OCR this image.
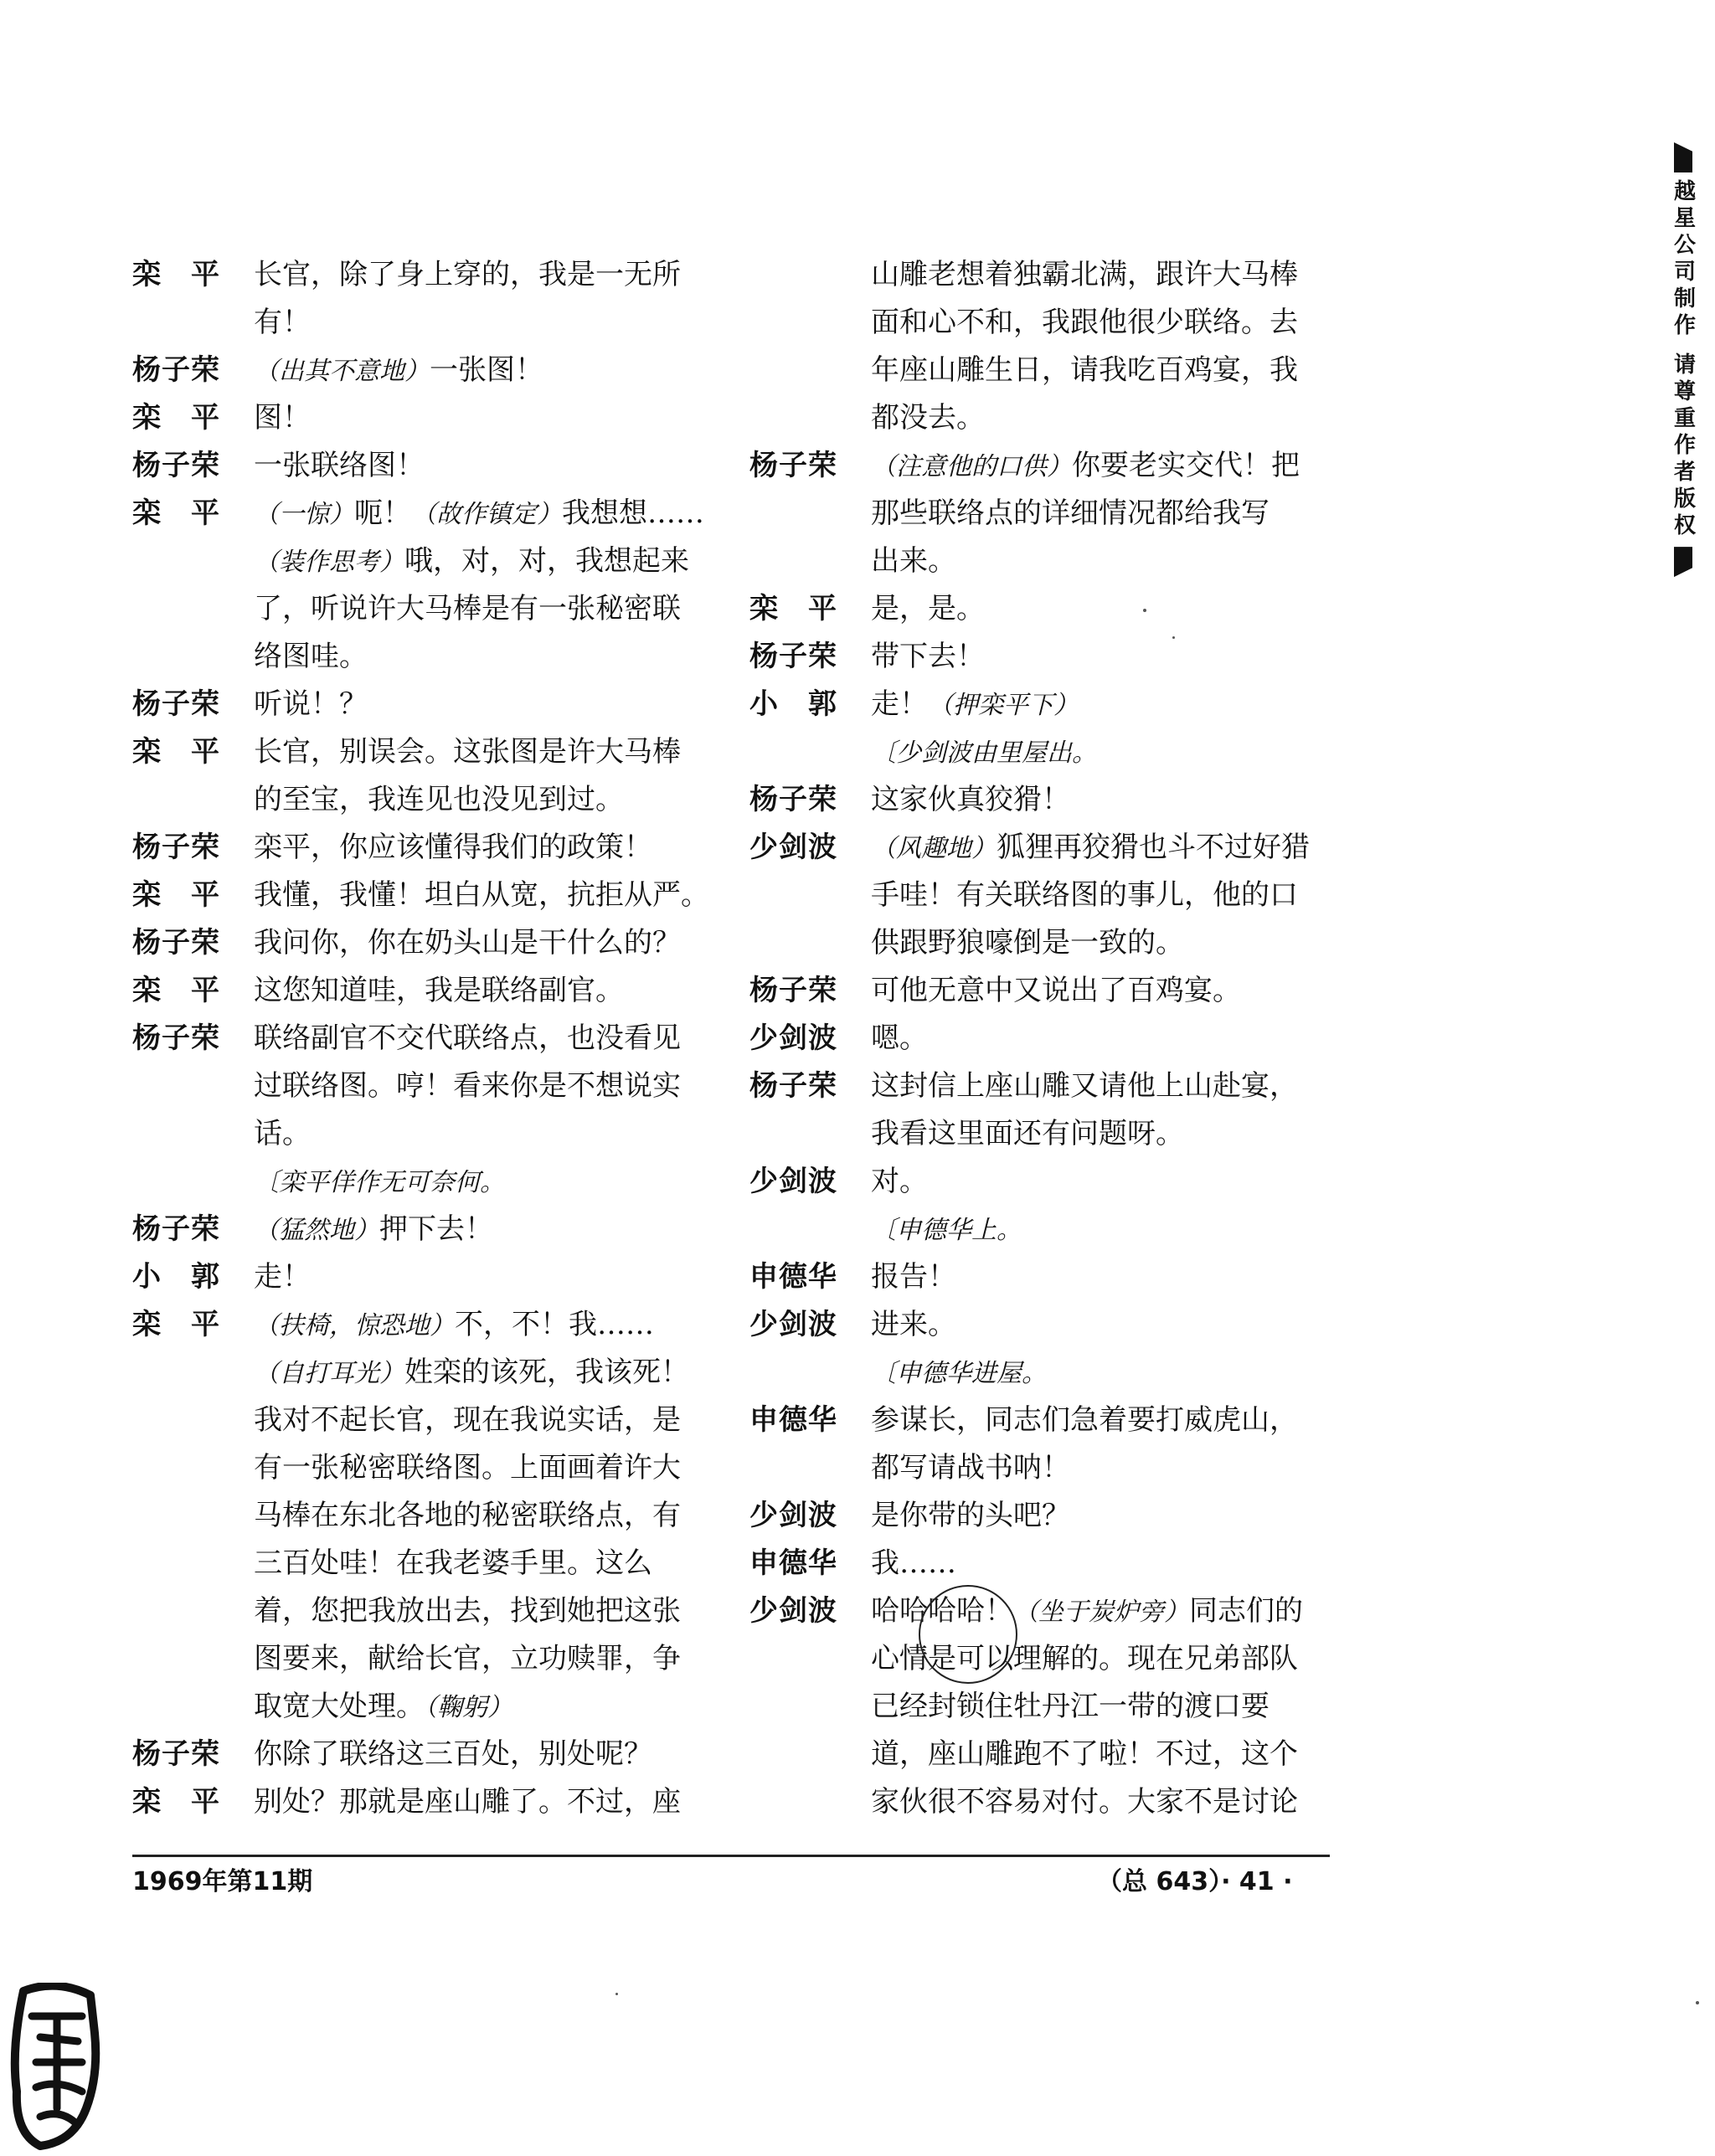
越星公司制作 请尊重作者版权
栾　平	长官，除了身上穿的，我是一无所
有！
杨子荣	（出其不意地）一张图！
栾　平	图！
杨子荣	一张联络图！
栾　平	（一惊）呃！（故作镇定）我想想……
（装作思考）哦，对，对，我想起来
了，听说许大马棒是有一张秘密联
络图哇。
杨子荣	听说！？
栾　平	长官，别误会。这张图是许大马棒
的至宝，我连见也没见到过。
杨子荣	栾平，你应该懂得我们的政策！
栾　平	我懂，我懂！坦白从宽，抗拒从严。
杨子荣	我问你，你在奶头山是干什么的？
栾　平	这您知道哇，我是联络副官。
杨子荣	联络副官不交代联络点，也没看见
过联络图。哼！看来你是不想说实
话。
〔栾平佯作无可奈何。
杨子荣	（猛然地）押下去！
小　郭	走！
栾　平	（扶椅，惊恐地）不，不！我……
（自打耳光）姓栾的该死，我该死！
我对不起长官，现在我说实话，是
有一张秘密联络图。上面画着许大
马棒在东北各地的秘密联络点，有
三百处哇！在我老婆手里。这么
着，您把我放出去，找到她把这张
图要来，献给长官，立功赎罪，争
取宽大处理。（鞠躬）
杨子荣	你除了联络这三百处，别处呢？
栾　平	别处？那就是座山雕了。不过，座
山雕老想着独霸北满，跟许大马棒
面和心不和，我跟他很少联络。去
年座山雕生日，请我吃百鸡宴，我
都没去。
杨子荣	（注意他的口供）你要老实交代！把
那些联络点的详细情况都给我写
出来。
栾　平	是，是。
杨子荣	带下去！
小　郭	走！（押栾平下）
〔少剑波由里屋出。
杨子荣	这家伙真狡猾！
少剑波	（风趣地）狐狸再狡猾也斗不过好猎
手哇！有关联络图的事儿，他的口
供跟野狼嚎倒是一致的。
杨子荣	可他无意中又说出了百鸡宴。
少剑波	嗯。
杨子荣	这封信上座山雕又请他上山赴宴，
我看这里面还有问题呀。
少剑波	对。
〔申德华上。
申德华	报告！
少剑波	进来。
〔申德华进屋。
申德华	参谋长，同志们急着要打威虎山，
都写请战书呐！
少剑波	是你带的头吧？
申德华	我……
少剑波	哈哈哈哈！（坐于炭炉旁）同志们的
心情是可以理解的。现在兄弟部队
已经封锁住牡丹江一带的渡口要
道，座山雕跑不了啦！不过，这个
家伙很不容易对付。大家不是讨论
1969年第11期	（总 643）· 41 ·
